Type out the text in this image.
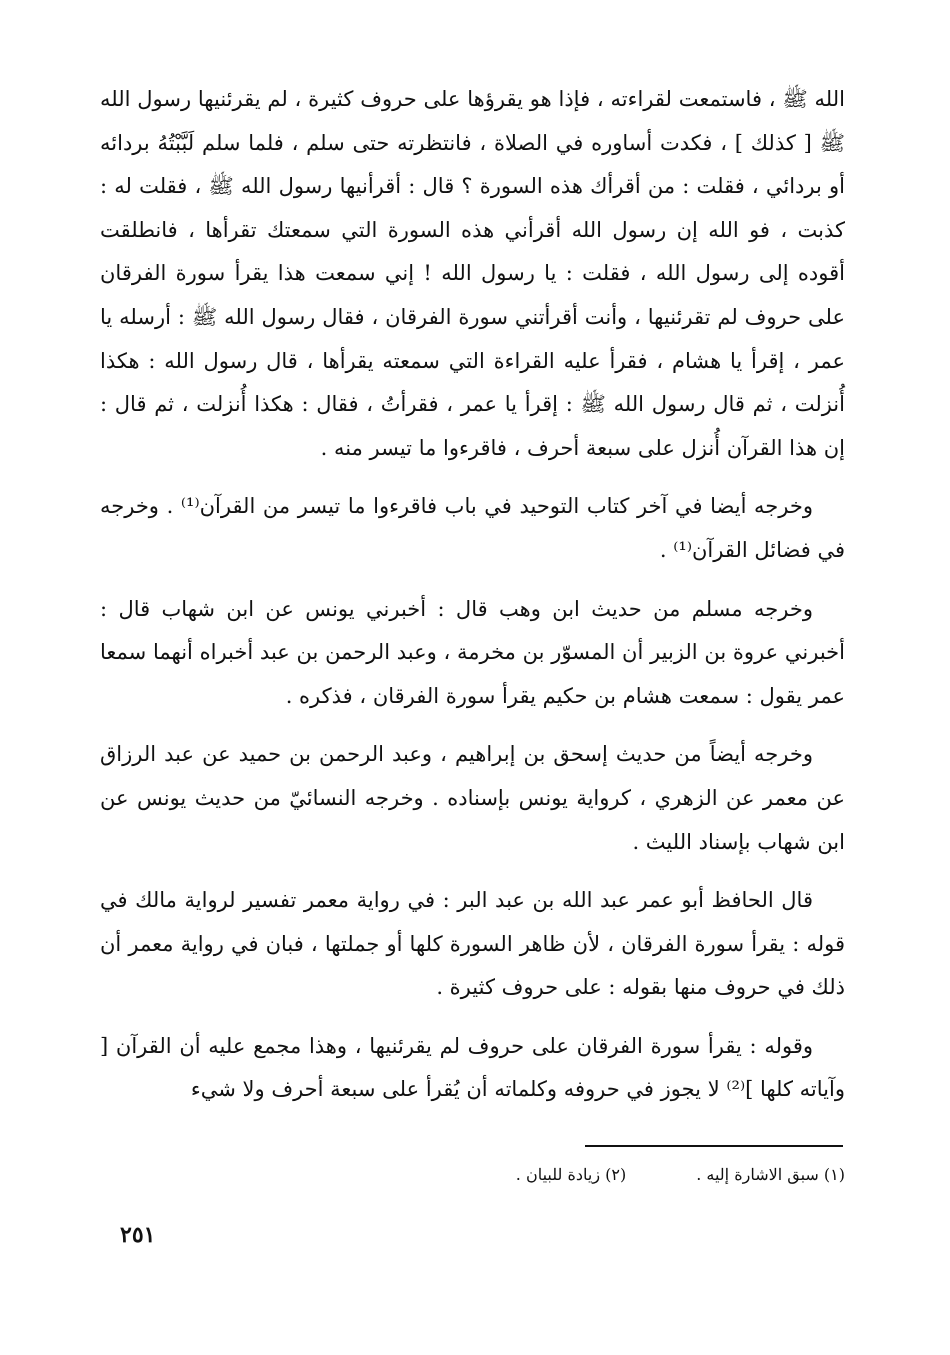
الله ﷺ ، فاستمعت لقراءته ، فإذا هو يقرؤها على حروف كثيرة ، لم يقرئنيها رسول الله ﷺ [ كذلك ] ، فكدت أساوره في الصلاة ، فانتظرته حتى سلم ، فلما سلم لَبَّبْتُهُ بردائه أو بردائي ، فقلت : من أقرأك هذه السورة ؟ قال : أقرأنيها رسول الله ﷺ ، فقلت له : كذبت ، فو الله إن رسول الله أقرأني هذه السورة التي سمعتك تقرأها ، فانطلقت أقوده إلى رسول الله ، فقلت : يا رسول الله ! إني سمعت هذا يقرأ سورة الفرقان على حروف لم تقرئنيها ، وأنت أقرأتني سورة الفرقان ، فقال رسول الله ﷺ : أرسله يا عمر ، إقرأ يا هشام ، فقرأ عليه القراءة التي سمعته يقرأها ، قال رسول الله : هكذا أُنزلت ، ثم قال رسول الله ﷺ : إقرأ يا عمر ، فقرأتُ ، فقال : هكذا أُنزلت ، ثم قال : إن هذا القرآن أُنزل على سبعة أحرف ، فاقرءوا ما تيسر منه .

وخرجه أيضا في آخر كتاب التوحيد في باب فاقرءوا ما تيسر من القرآن⁽¹⁾ . وخرجه في فضائل القرآن⁽¹⁾ .

وخرجه مسلم من حديث ابن وهب قال : أخبرني يونس عن ابن شهاب قال : أخبرني عروة بن الزبير أن المسوّر بن مخرمة ، وعبد الرحمن بن عبد أخبراه أنهما سمعا عمر يقول : سمعت هشام بن حكيم يقرأ سورة الفرقان ، فذكره .

وخرجه أيضاً من حديث إسحق بن إبراهيم ، وعبد الرحمن بن حميد عن عبد الرزاق عن معمر عن الزهري ، كرواية يونس بإسناده . وخرجه النسائيّ من حديث يونس عن ابن شهاب بإسناد الليث .

قال الحافظ أبو عمر عبد الله بن عبد البر : في رواية معمر تفسير لرواية مالك في قوله : يقرأ سورة الفرقان ، لأن ظاهر السورة كلها أو جملتها ، فبان في رواية معمر أن ذلك في حروف منها بقوله : على حروف كثيرة .

وقوله : يقرأ سورة الفرقان على حروف لم يقرئنيها ، وهذا مجمع عليه أن القرآن [ وآياته كلها ]⁽²⁾ لا يجوز في حروفه وكلماته أن يُقرأ على سبعة أحرف ولا شيء

(١) سبق الاشارة إليه .
(٢) زيادة للبيان .
٢٥١
